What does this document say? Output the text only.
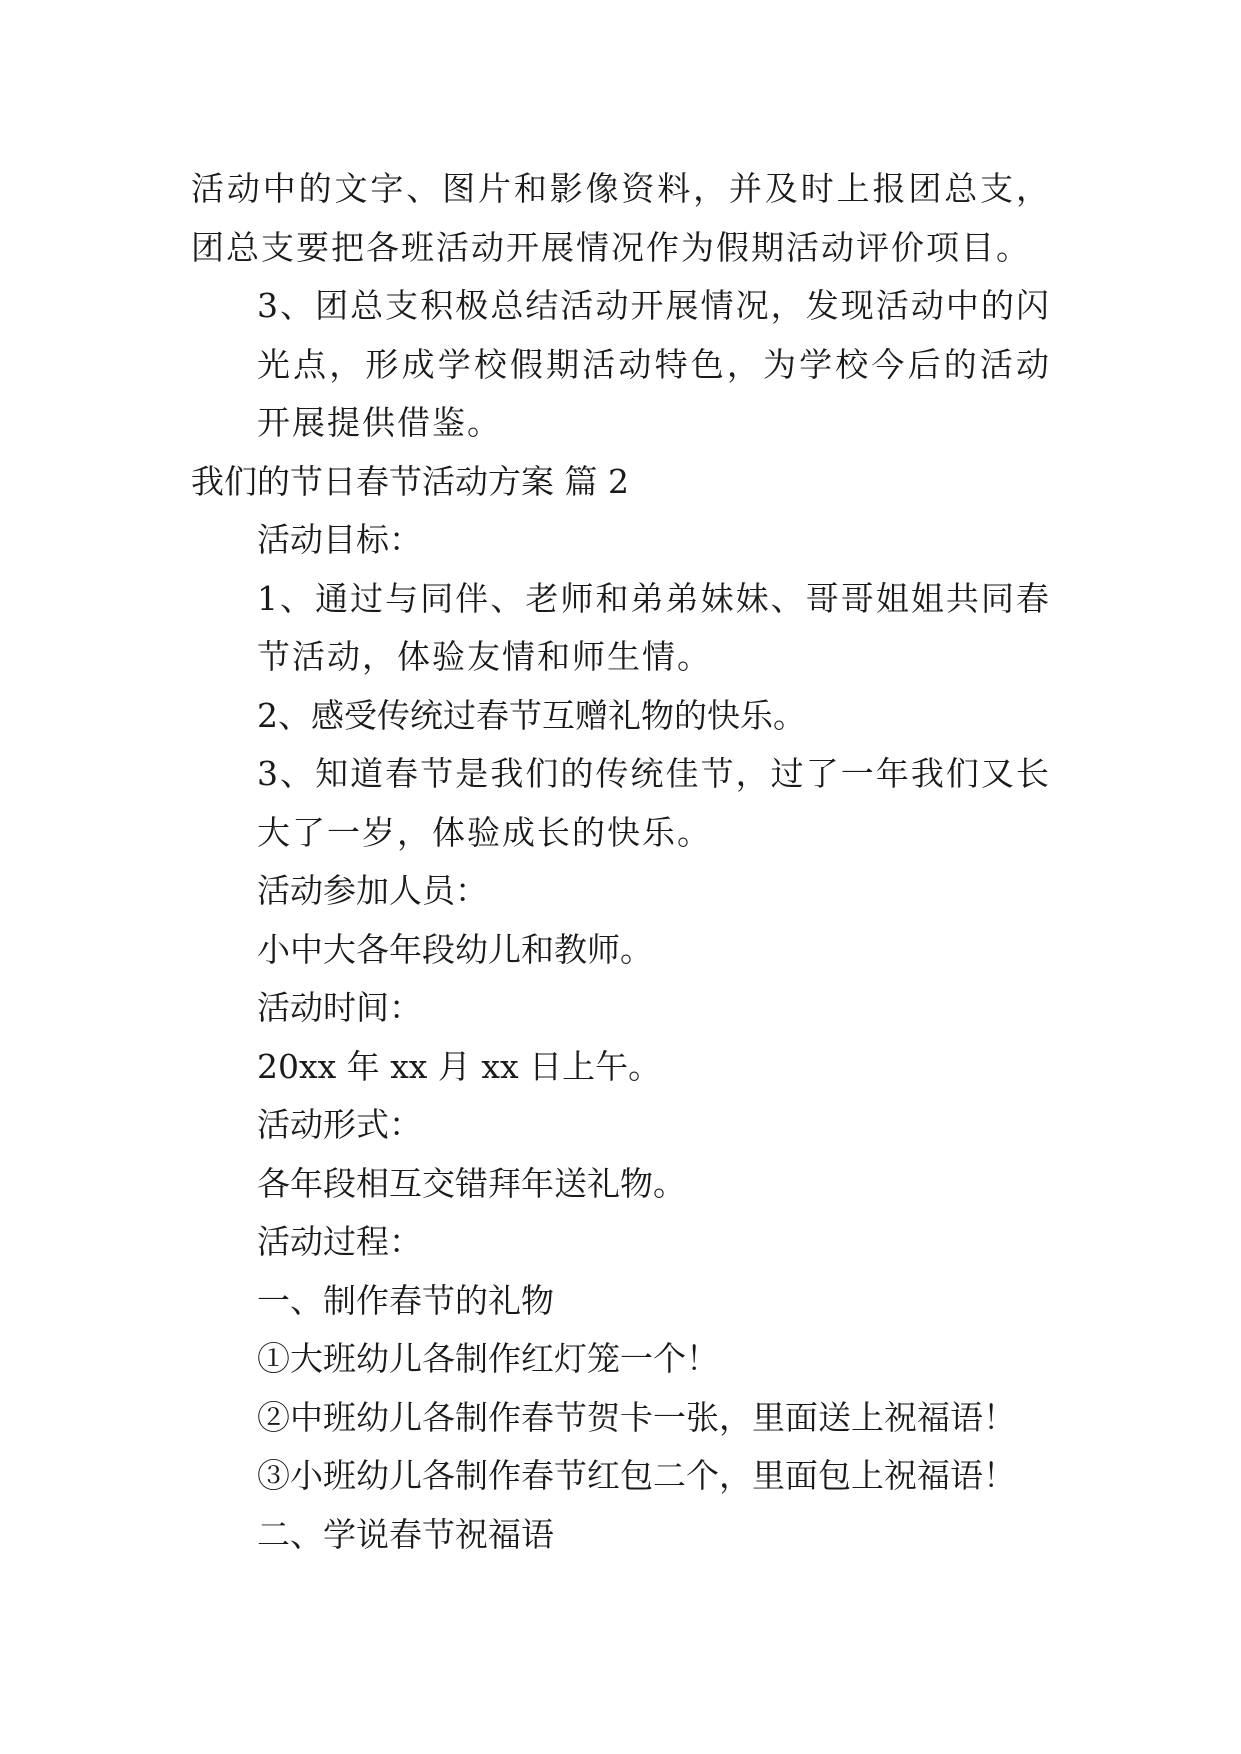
活动中的文字、图片和影像资料，并及时上报团总支，团总支要把各班活动开展情况作为假期活动评价项目。

3、团总支积极总结活动开展情况，发现活动中的闪光点，形成学校假期活动特色，为学校今后的活动开展提供借鉴。

我们的节日春节活动方案 篇 2

活动目标：

1、通过与同伴、老师和弟弟妹妹、哥哥姐姐共同春节活动，体验友情和师生情。

2、感受传统过春节互赠礼物的快乐。

3、知道春节是我们的传统佳节，过了一年我们又长大了一岁，体验成长的快乐。

活动参加人员：

小中大各年段幼儿和教师。

活动时间：

20xx 年 xx 月 xx 日上午。

活动形式：

各年段相互交错拜年送礼物。

活动过程：

一、制作春节的礼物

①大班幼儿各制作红灯笼一个！

②中班幼儿各制作春节贺卡一张，里面送上祝福语！

③小班幼儿各制作春节红包二个，里面包上祝福语！

二、学说春节祝福语
